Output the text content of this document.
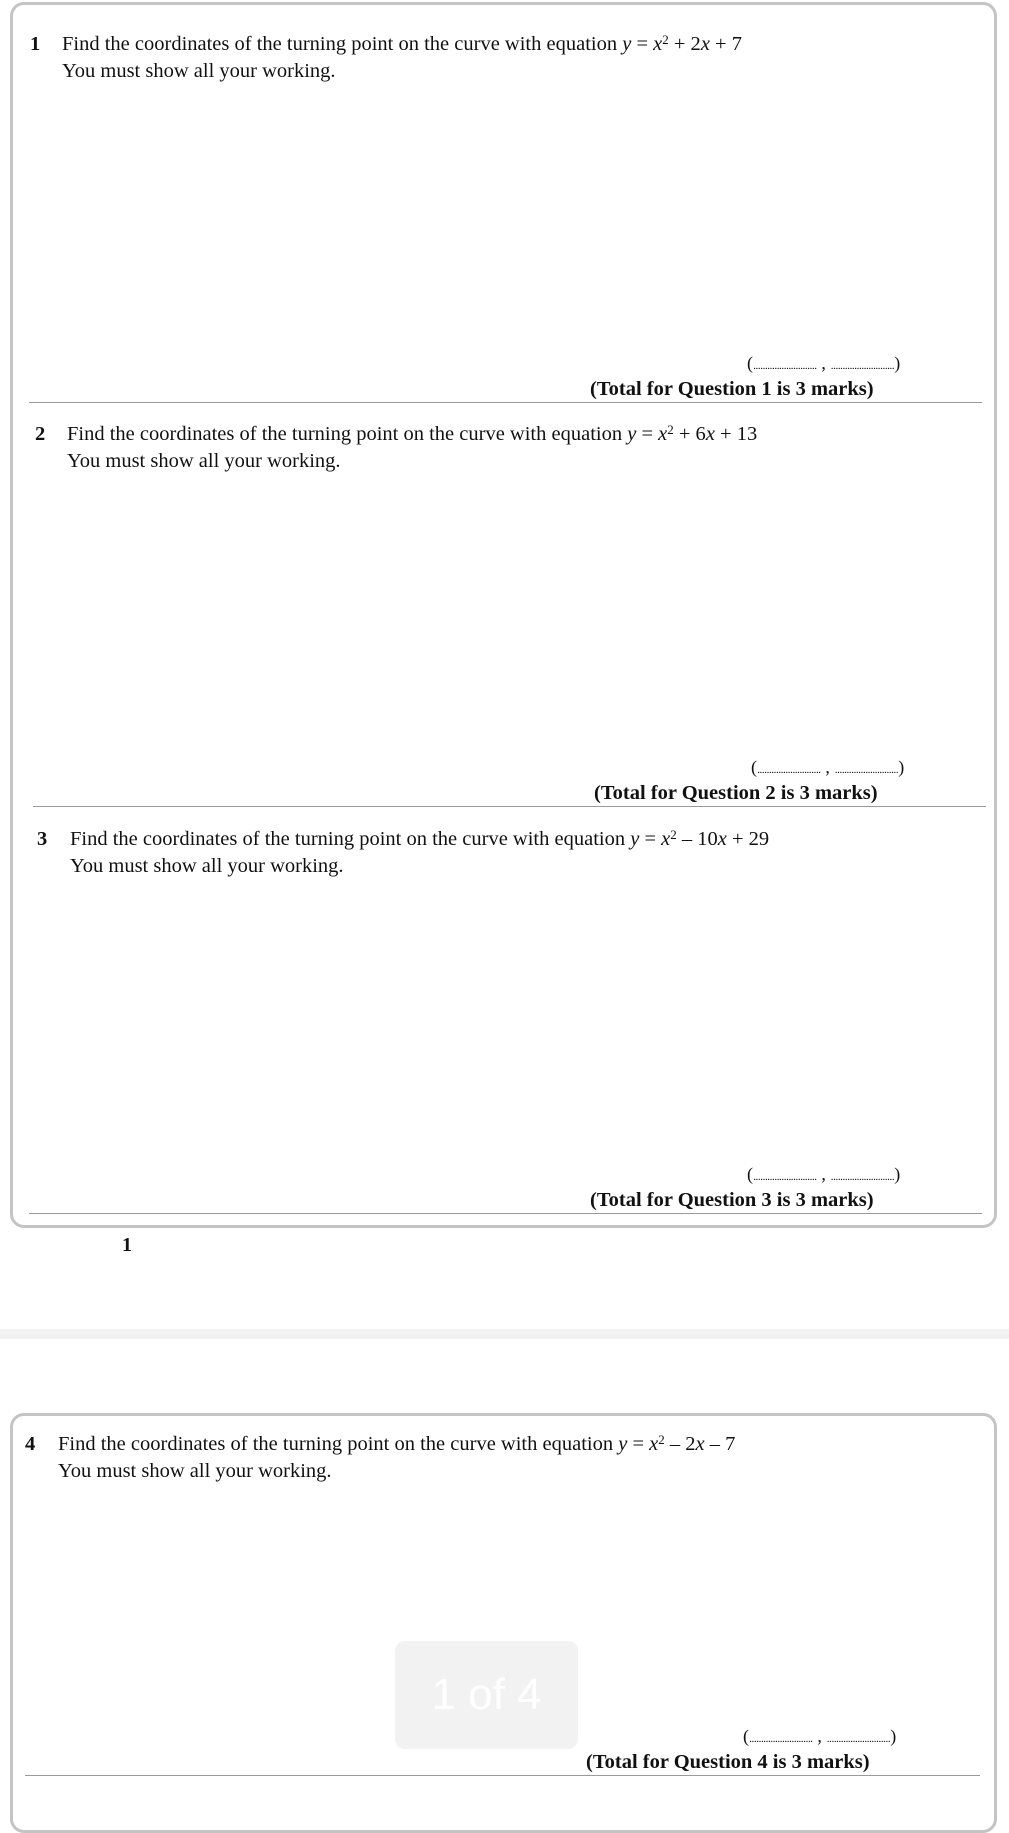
1 Find the coordinates of the turning point on the curve with equation $y = x^2 + 2x + 7$
You must show all your working.
(........................... , ...........................)
(Total for Question 1 is 3 marks)
2 Find the coordinates of the turning point on the curve with equation $y = x^2 + 6x + 13$
You must show all your working.
(........................... , ...........................)
(Total for Question 2 is 3 marks)
3 Find the coordinates of the turning point on the curve with equation $y = x^2 - 10x + 29$
You must show all your working.
(........................... , ...........................)
(Total for Question 3 is 3 marks)
1
4 Find the coordinates of the turning point on the curve with equation $y = x^2 - 2x - 7$
You must show all your working.
(........................... , ...........................)
(Total for Question 4 is 3 marks)
1 of 4
